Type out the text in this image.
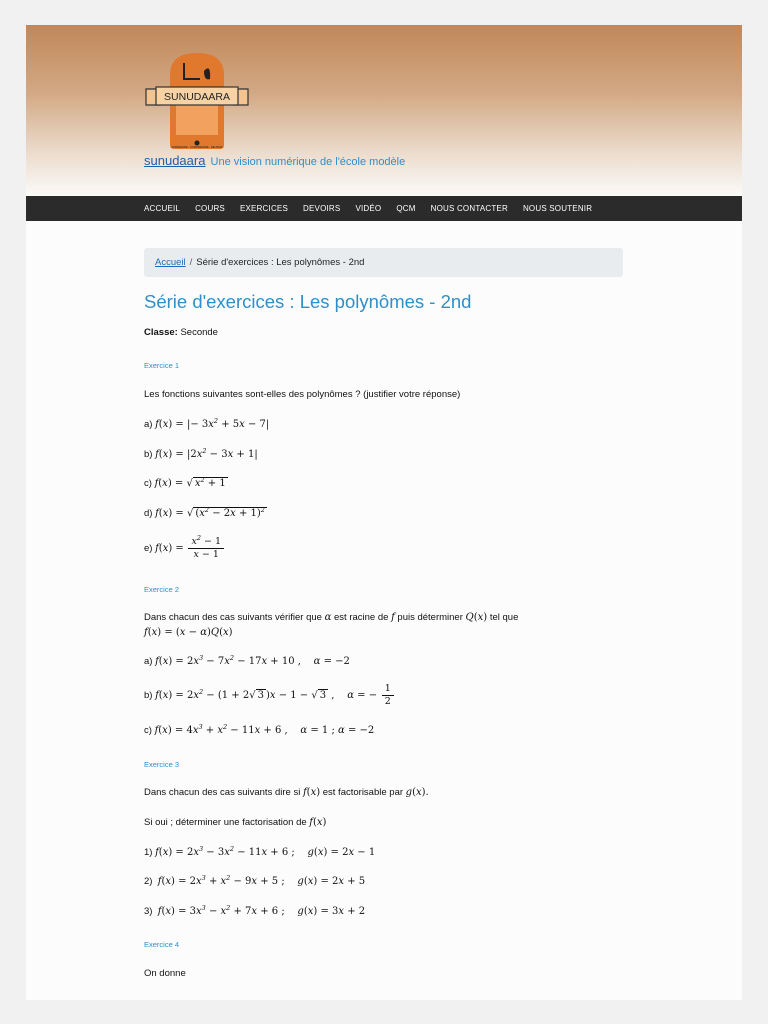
SUNUDAARA
APPRENDRE · COMPRENDRE · REUSSIR
sunudaara Une vision numérique de l'école modèle
ACCUEIL COURS EXERCICES DEVOIRS VIDÉO QCM NOUS CONTACTER NOUS SOUTENIR
Accueil / Série d'exercices : Les polynômes - 2nd
Série d'exercices : Les polynômes - 2nd
Classe: Seconde
Exercice 1
Les fonctions suivantes sont-elles des polynômes ? (justifier votre réponse)
a) f(x) = |− $3x^2 + 5x - 7|$
b) $f(x) = |2x^2 - 3x + 1|$
c) f(x) = √ $x^2 + 1$
d) f(x) = √ $(x^2 - 2x + 1)^2$
e) $f(x) = \frac{x^2 - 1}{x - 1}$
Exercice 2
Dans chacun des cas suivants vérifier que α est racine de f puis déterminer Q(x) tel que
f(x) = (x − α)Q(x)
a) $f(x) = 2x^3 - 7x^2 - 17x + 10$ ,    α = −2
b) $f(x) = 2x^2 - (1 + 2√$ 3 )x − 1 − √ 3 ,    α = − $\frac{1}{2}$
c) $f(x) = 4x^3 + x^2 - 11x + 6$ ,    α = 1 ; α = −2
Exercice 3
Dans chacun des cas suivants dire si f(x) est factorisable par g(x).
Si oui ; déterminer une factorisation de f(x)
1) $f(x) = 2x^3 - 3x^2 - 11x + 6$ ;    g(x) = 2x − 1
2) $f(x) = 2x^3 + x^2 - 9x + 5$ ;    g(x) = 2x + 5
3) $f(x) = 3x^3 - x^2 + 7x + 6$ ;    g(x) = 3x + 2
Exercice 4
On donne
